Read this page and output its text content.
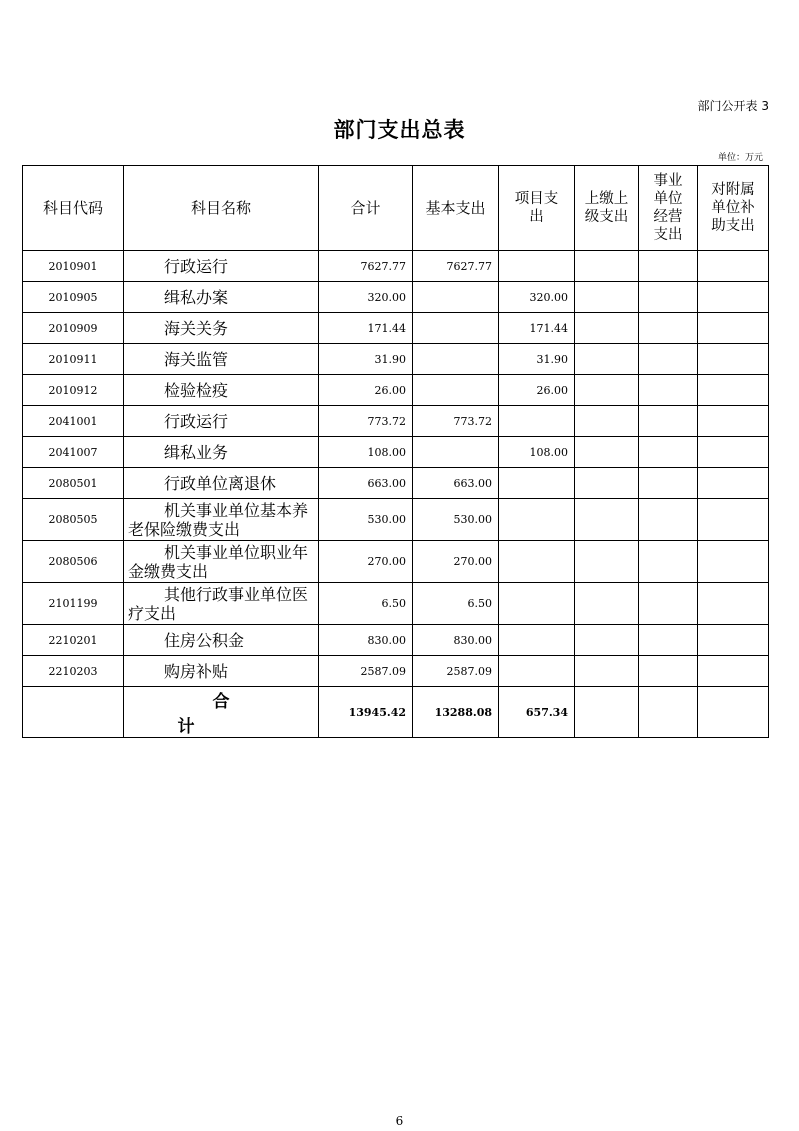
部门公开表 3
部门支出总表
单位：万元
科目代码	科目名称	合计	基本支出	项目支
出	上缴上
级支出	事业
单位
经营
支出	对附属
单位补
助支出
2010901	行政运行	7627.77	7627.77				
2010905	缉私办案	320.00		320.00			
2010909	海关关务	171.44		171.44			
2010911	海关监管	31.90		31.90			
2010912	检验检疫	26.00		26.00			
2041001	行政运行	773.72	773.72				
2041007	缉私业务	108.00		108.00			
2080501	行政单位离退休	663.00	663.00				
2080505	机关事业单位基本养老保险缴费支出	530.00	530.00				
2080506	机关事业单位职业年金缴费支出	270.00	270.00				
2101199	其他行政事业单位医疗支出	6.50	6.50				
2210201	住房公积金	830.00	830.00				
2210203	购房补贴	2587.09	2587.09				
	合计	13945.42	13288.08	657.34			
6
